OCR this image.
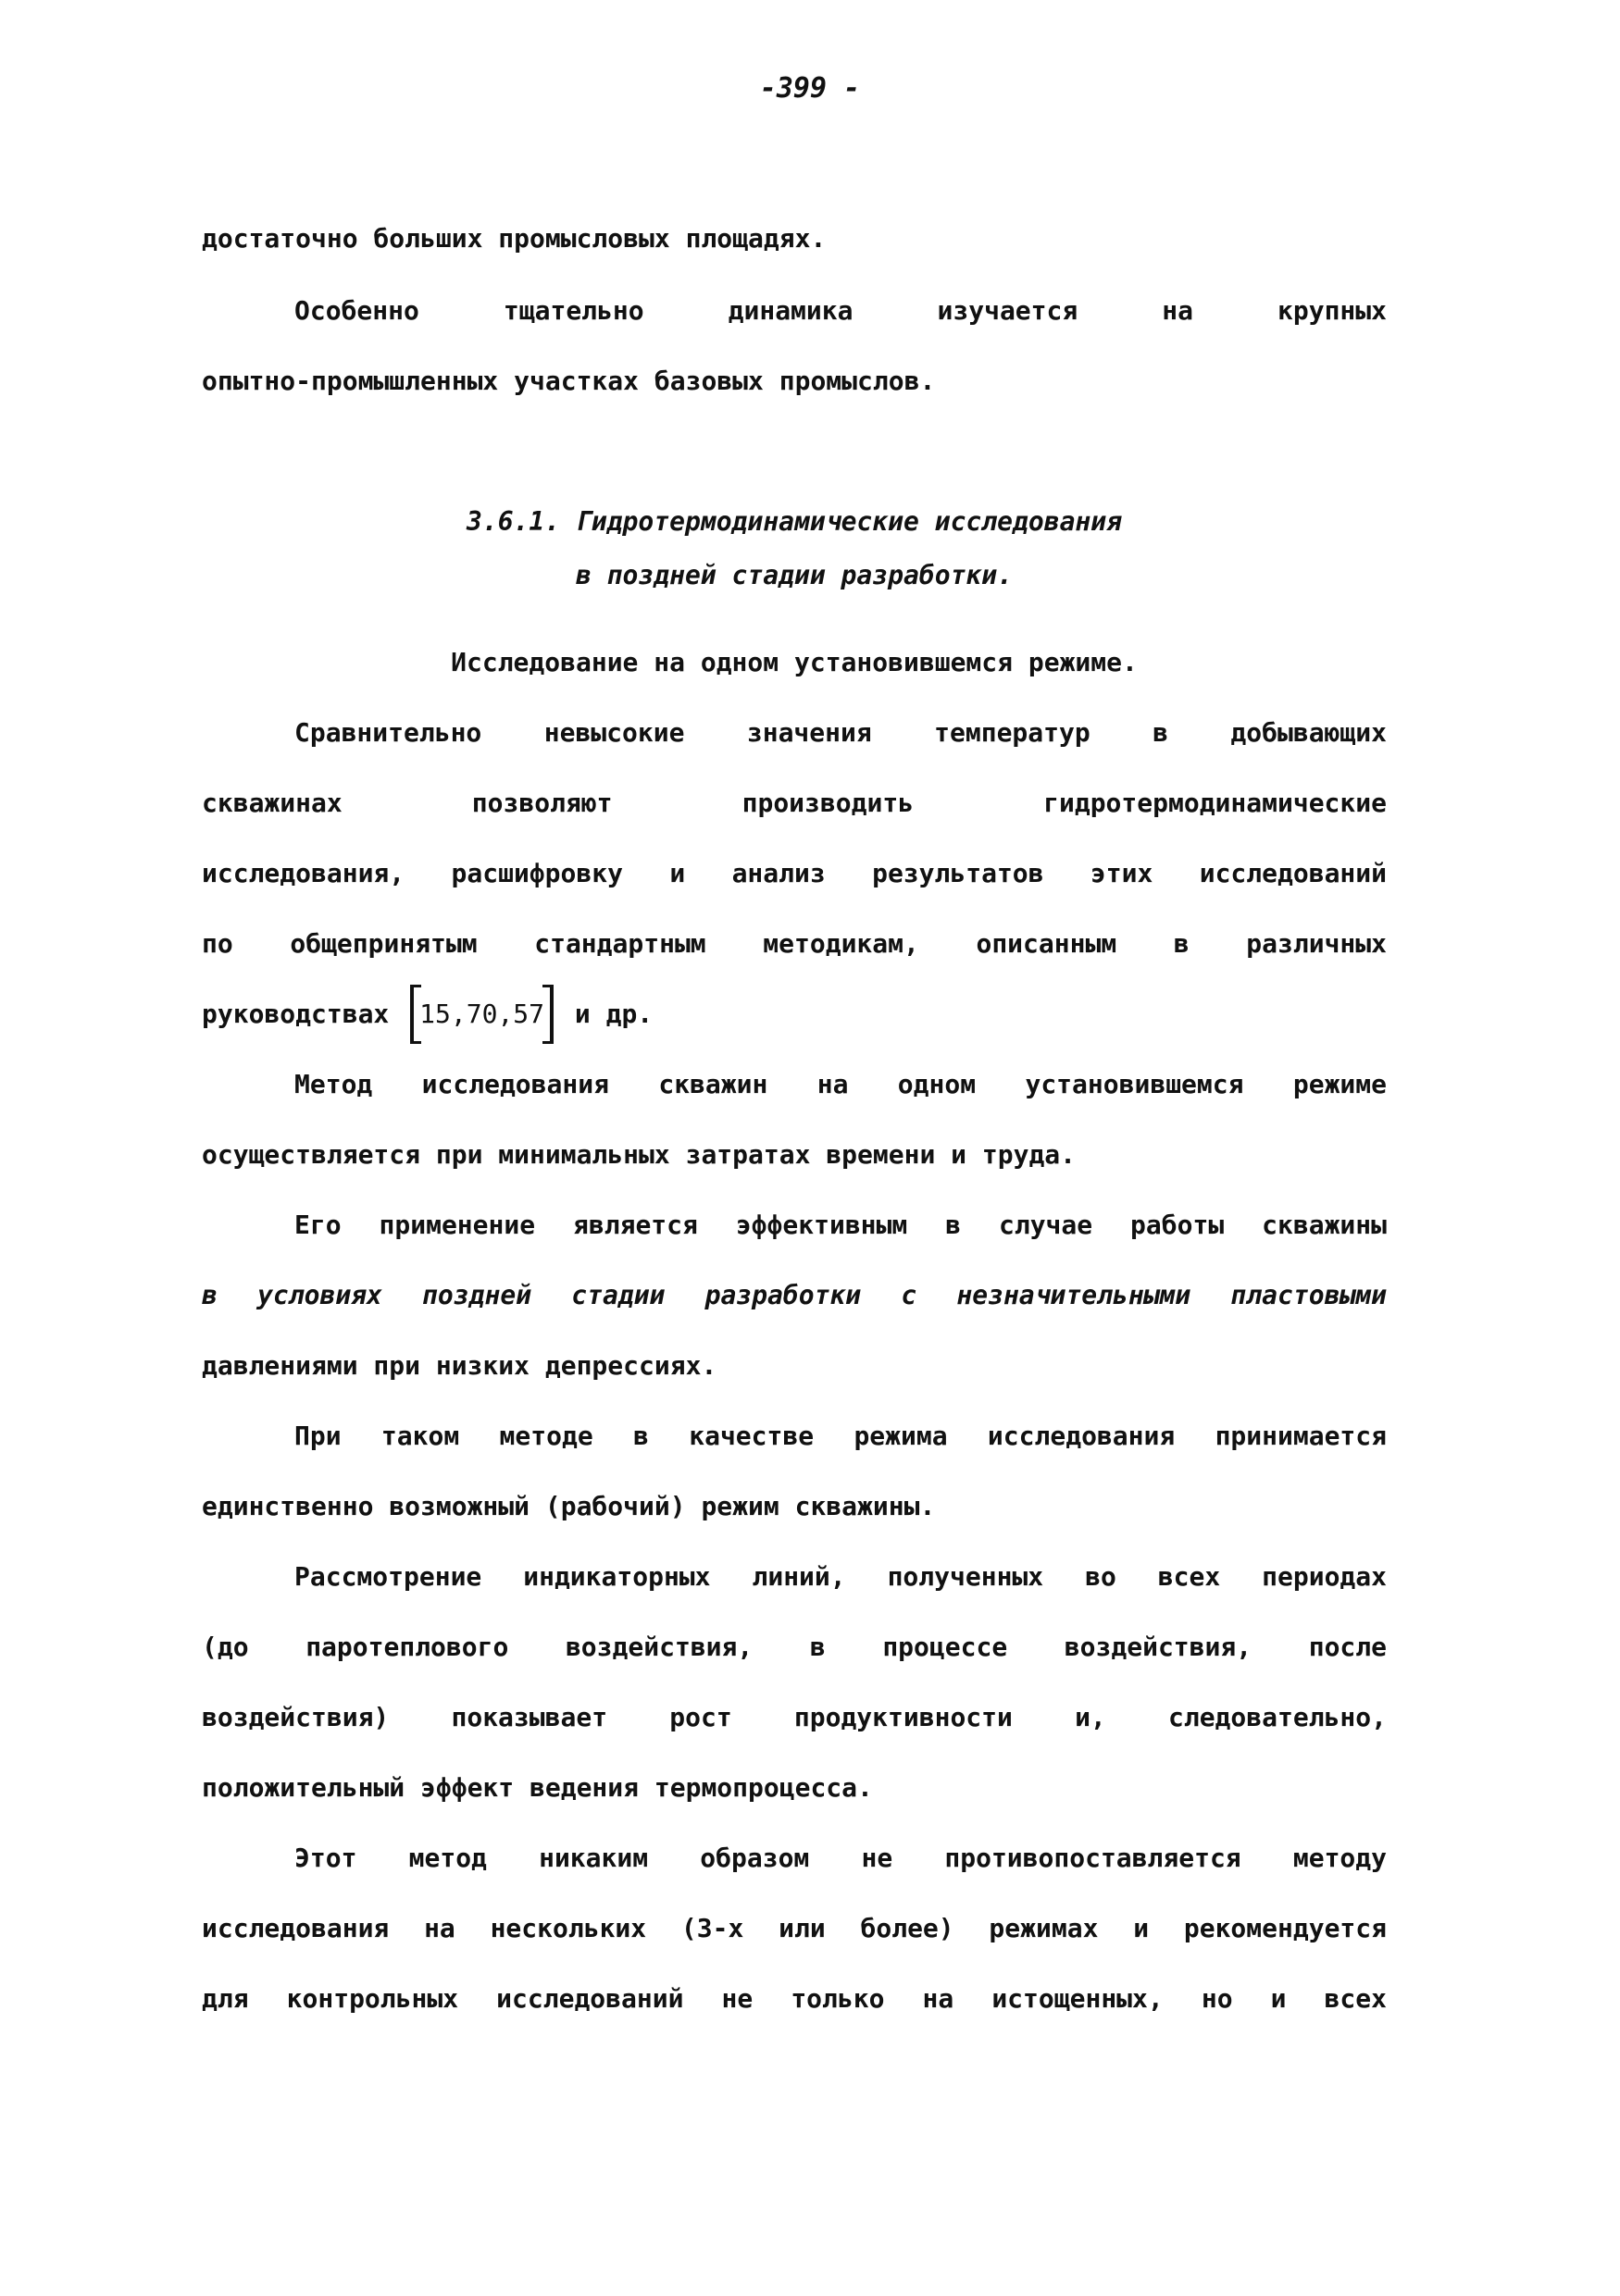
-399 -
достаточно больших промысловых площадях.
Особенно тщательно динамика изучается на крупных
опытно-промышленных участках базовых промыслов.
3.6.1. Гидротермодинамические исследования
в поздней стадии разработки.
Исследование на одном установившемся режиме.
Сравнительно невысокие значения температур в добывающих
скважинах позволяют производить гидротермодинамические
исследования, расшифровку и анализ результатов этих исследований
по общепринятым стандартным методикам, описанным в различных
руководствах 15,70,57 и др.
Метод исследования скважин на одном установившемся режиме
осуществляется при минимальных затратах времени и труда.
Его применение является эффективным в случае работы скважины
в условиях поздней стадии разработки с незначительными пластовыми
давлениями при низких депрессиях.
При таком методе в качестве режима исследования принимается
единственно возможный (рабочий) режим скважины.
Рассмотрение индикаторных линий, полученных во всех периодах
(до паротеплового воздействия, в процессе воздействия, после
воздействия) показывает рост продуктивности и, следовательно,
положительный эффект ведения термопроцесса.
Этот метод никаким образом не противопоставляется методу
исследования на нескольких (3-х или более) режимах и рекомендуется
для контрольных исследований не только на истощенных, но и всех
